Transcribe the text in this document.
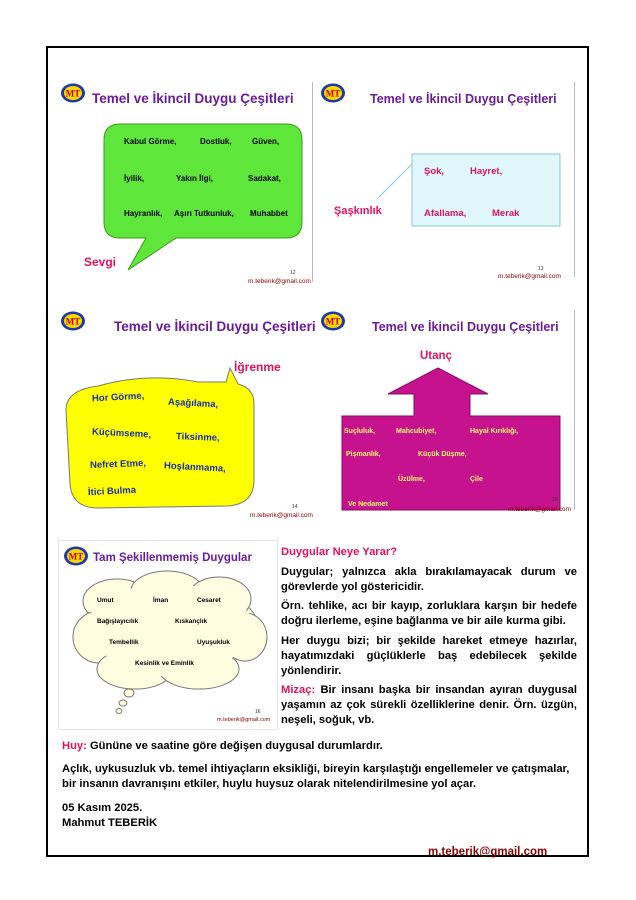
MT Temel ve İkincil Duygu Çeşitleri
Kabul Görme,	Dostluk,	Güven,
İyilik,	Yakın İlgi,	Sadakat,
Hayranlık, Aşırı Tutkunluk, Muhabbet
Sevgi
m.teberik@gmail.com
12
MT Temel ve İkincil Duygu Çeşitleri
Şok,	Hayret,
Afallama,	Merak
Şaşkınlık
m.teberik@gmail.com
13
MT	Temel ve İkincil Duygu Çeşitleri
Hor Görme, Aşağılama,
Küçümseme,	Tiksinme,
Nefret Etme, Hoşlanmama,
İtici Bulma
İğrenme
m.teberik@gmail.com
14
MT	Temel ve İkincil Duygu Çeşitleri
Utanç
Suçluluk,	Mahcubiyet,	Hayal Kırıklığı,
Pişmanlık,	Küçük Düşme,
Üzülme,	Çile
Ve Nedamet
m.teberik@gmail.com
15
MT Tam Şekillenmemiş Duygular
Umut	İman	Cesaret
Bağışlayıcılık	Kıskançlık
Tembellik	Uyuşukluk
Kesinlik ve Eminlik
m.teberik@gmail.com
16

Duygular Neye Yarar?

Duygular; yalnızca akla bırakılamayacak durum ve görevlerde yol göstericidir.

Örn. tehlike, acı bir kayıp, zorluklara karşın bir hedefe doğru ilerleme, eşine bağlanma ve bir aile kurma gibi.

Her duygu bizi; bir şekilde hareket etmeye hazırlar, hayatımızdaki güçlüklerle baş edebilecek şekilde yönlendirir.

Mizaç: Bir insanı başka bir insandan ayıran duygusal yaşamın az çok sürekli özelliklerine denir. Örn. üzgün, neşeli, soğuk, vb.

Huy: Gününe ve saatine göre değişen duygusal durumlardır.
Açlık, uykusuzluk vb. temel ihtiyaçların eksikliği, bireyin karşılaştığı engellemeler ve çatışmalar, bir insanın davranışını etkiler, huylu huysuz olarak nitelendirilmesine yol açar.
05 Kasım 2025.
Mahmut TEBERİK
m.teberik@gmail.com
